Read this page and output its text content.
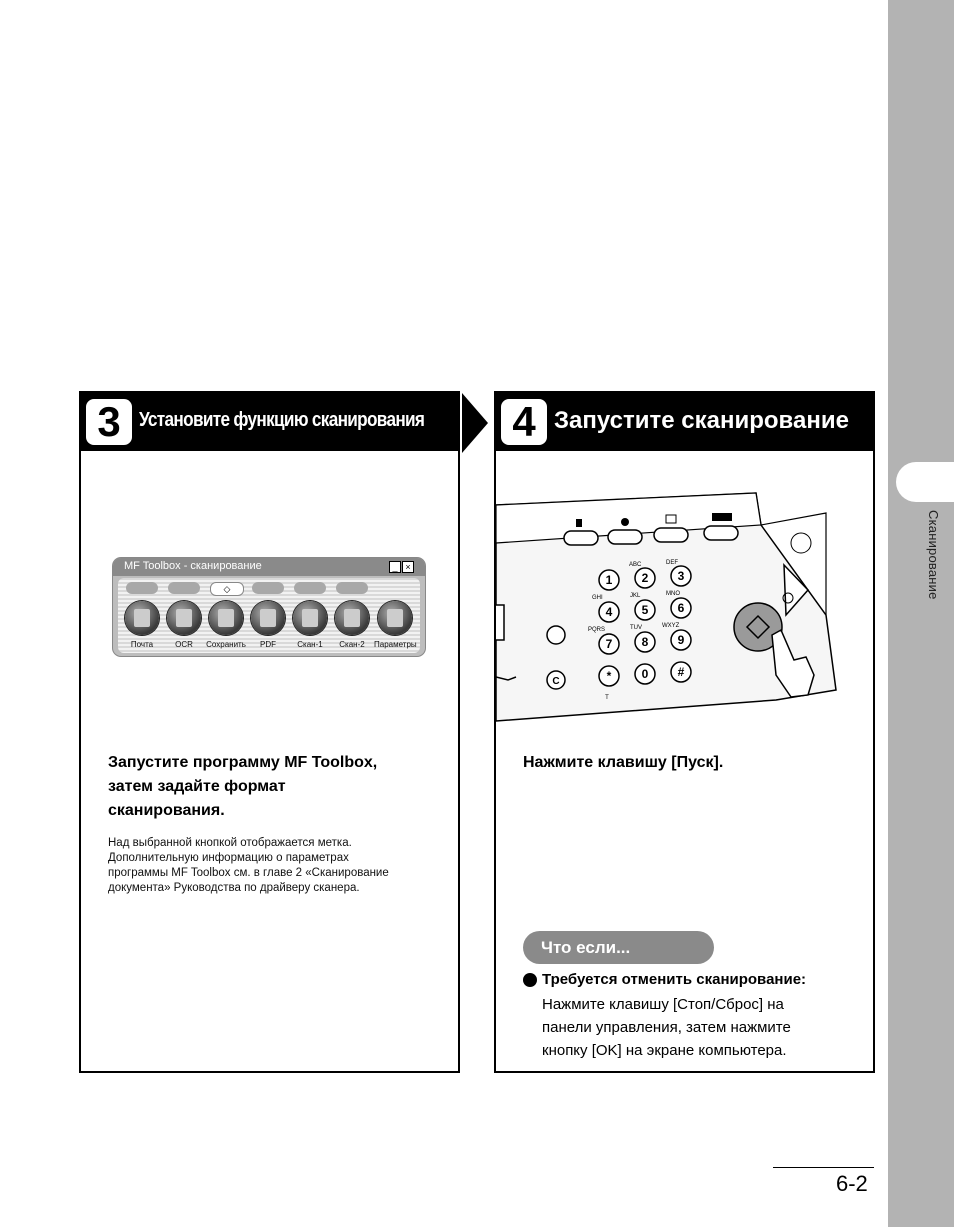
Сканирование
3 Установите функцию сканирования
MF Toolbox - сканирование	_ ×
◇
Почта	OCR	Сохранить	PDF	Скан-1	Скан-2	Параметры
Запустите программу MF Toolbox,
затем задайте формат
сканирования.
Над выбранной кнопкой отображается метка.
Дополнительную информацию о параметрах
программы MF Toolbox см. в главе 2 «Сканирование
документа» Руководства по драйверу сканера.
4 Запустите сканирование
1 2 3
4 5 6
7 8 9
*	0 #
ABC	DEF
GHI	JKL	MNO
PQRS	TUV	WXYZ
C
T
Нажмите клавишу [Пуск].
Что если...
Требуется отменить сканирование:
Нажмите клавишу [Стоп/Сброс] на
панели управления, затем нажмите
кнопку [OK] на экране компьютера.
6-2
